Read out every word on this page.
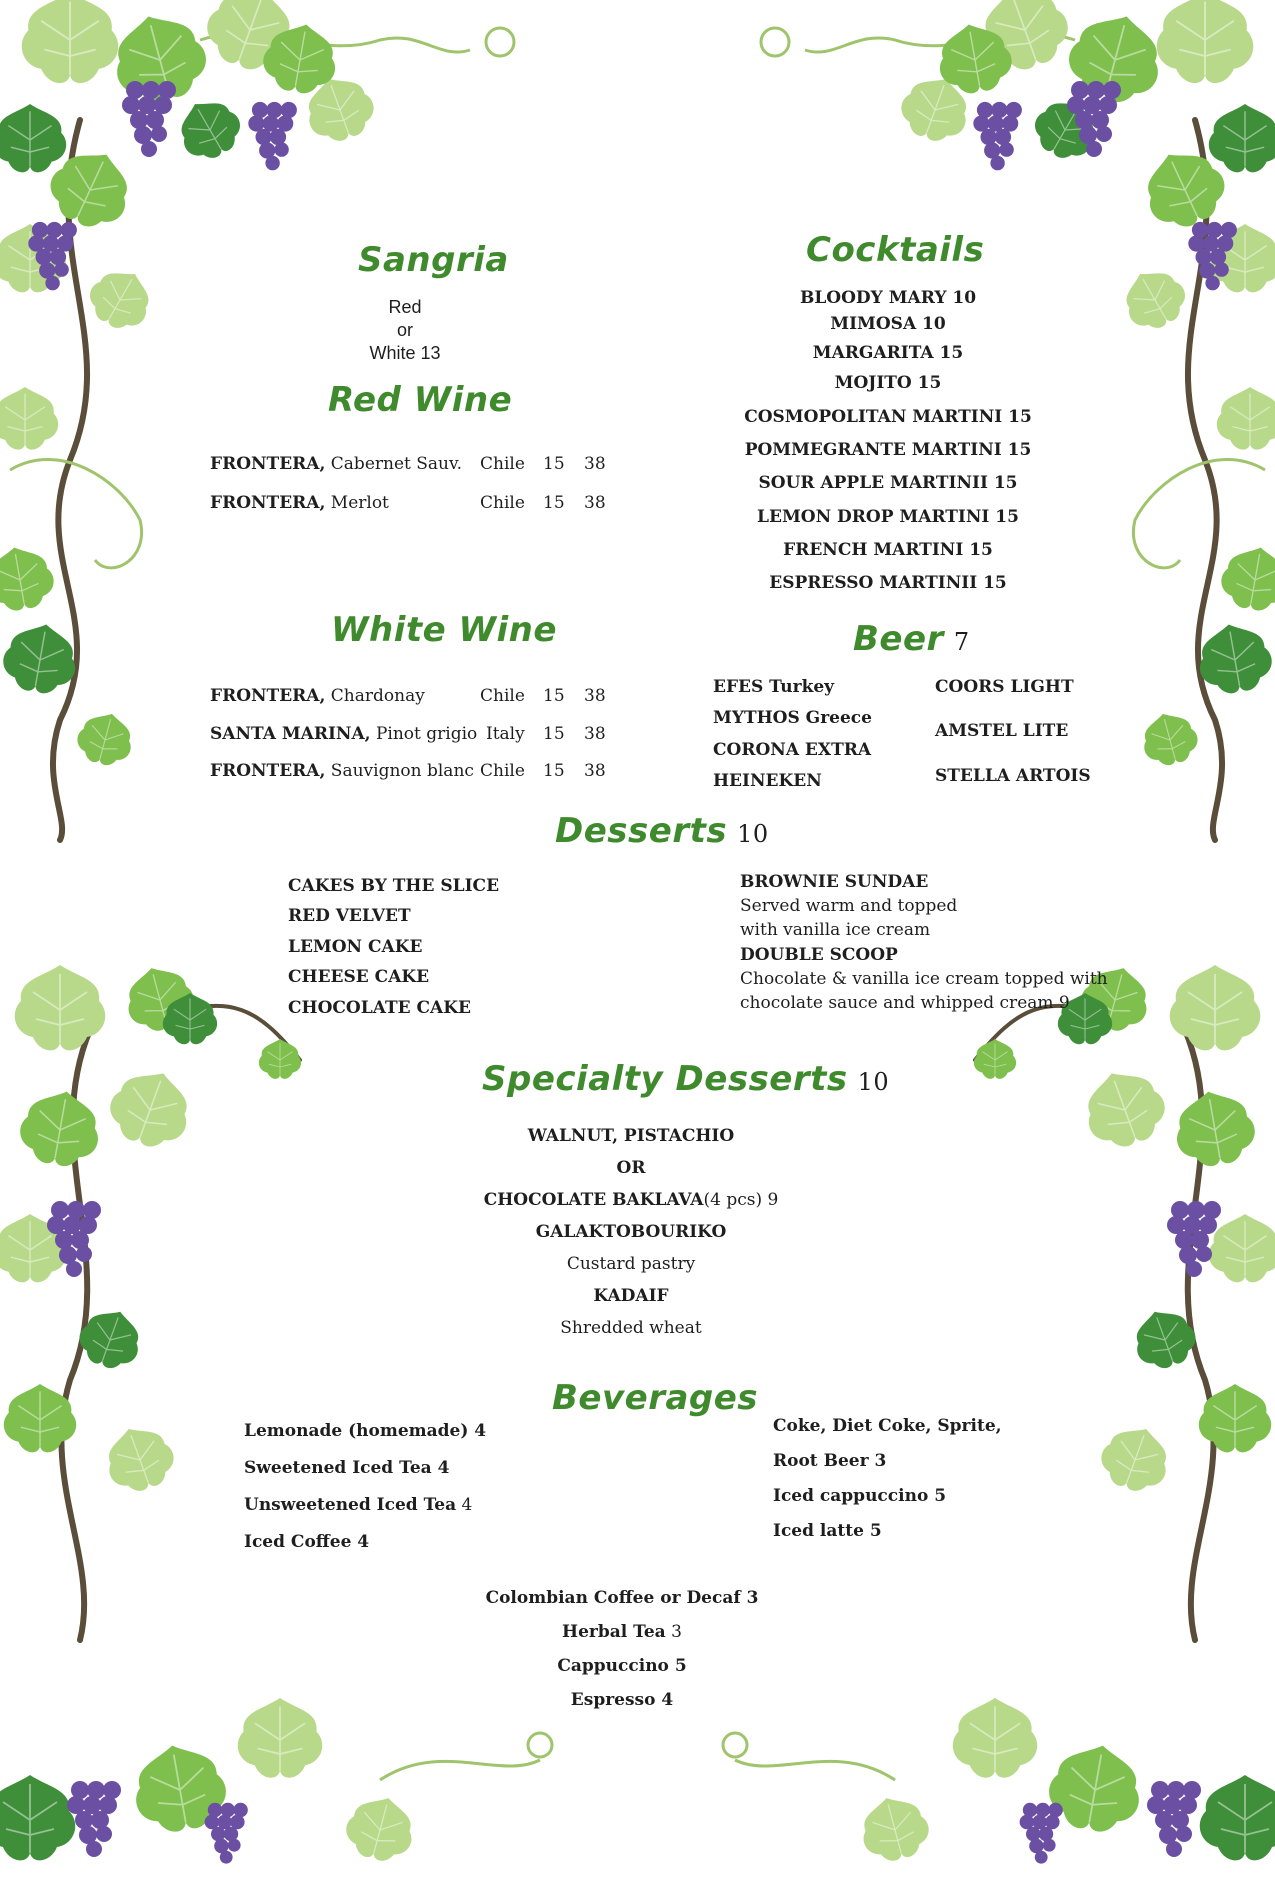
Sangria
Red
or
White 13
Red Wine
FRONTERA, Cabernet Sauv. Chile 15 38
FRONTERA, Merlot	Chile 15 38
White Wine
FRONTERA, Chardonay	Chile 15 38
SANTA MARINA, Pinot grigio Italy 15 38
FRONTERA, Sauvignon blanc Chile 15 38
Cocktails
BLOODY MARY 10
MIMOSA 10
MARGARITA 15
MOJITO 15
COSMOPOLITAN MARTINI 15
POMMEGRANTE MARTINI 15
SOUR APPLE MARTINII 15
LEMON DROP MARTINI 15
FRENCH MARTINI 15
ESPRESSO MARTINII 15
Beer 7
EFES Turkey
MYTHOS Greece
CORONA EXTRA
HEINEKEN
COORS LIGHT
AMSTEL LITE
STELLA ARTOIS
Desserts 10
CAKES BY THE SLICE
RED VELVET
LEMON CAKE
CHEESE CAKE
CHOCOLATE CAKE
BROWNIE SUNDAE
Served warm and topped
with vanilla ice cream
DOUBLE SCOOP
Chocolate & vanilla ice cream topped with
chocolate sauce and whipped cream 9
Specialty Desserts 10
WALNUT, PISTACHIO
OR
CHOCOLATE BAKLAVA(4 pcs) 9
GALAKTOBOURIKO
Custard pastry
KADAIF
Shredded wheat
Beverages
Lemonade (homemade) 4
Sweetened Iced Tea 4
Unsweetened Iced Tea 4
Iced Coffee 4
Coke, Diet Coke, Sprite,
Root Beer 3
Iced cappuccino 5
Iced latte 5
Colombian Coffee or Decaf 3
Herbal Tea 3
Cappuccino 5
Espresso 4
